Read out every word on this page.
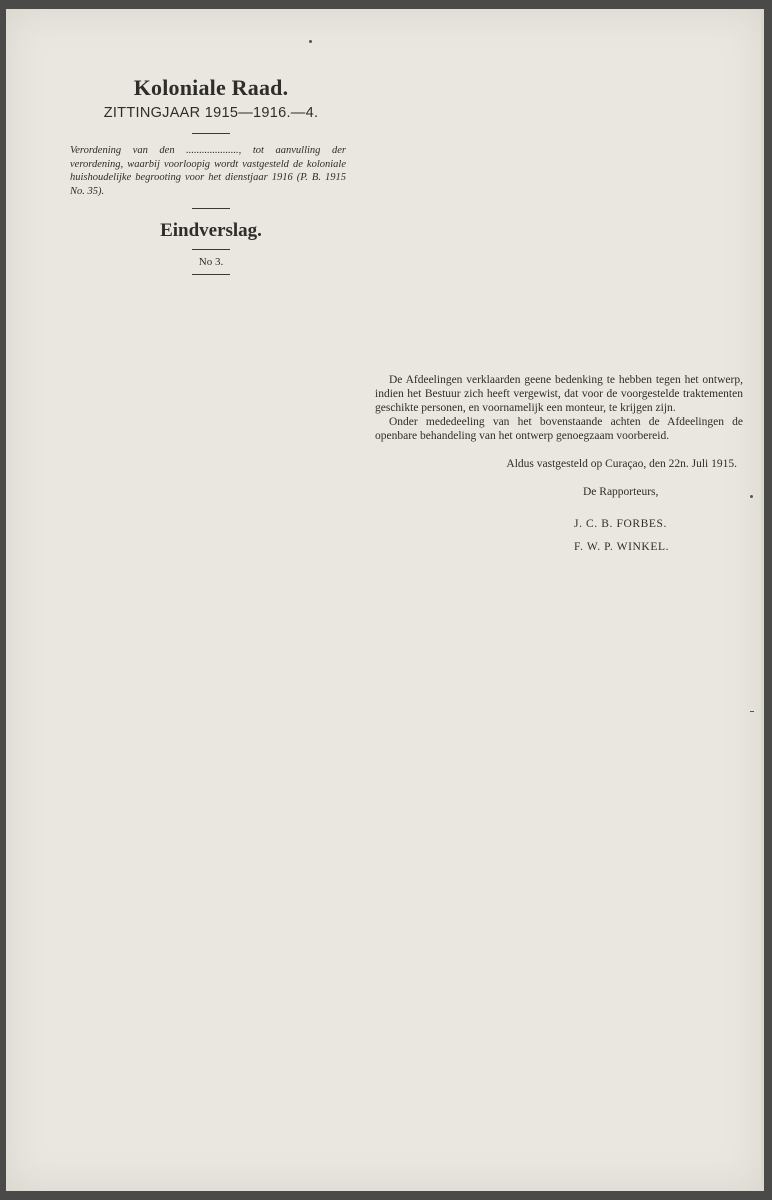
Koloniale Raad.

ZITTINGJAAR 1915—1916.—4.

Verordening van den ...................., tot aanvulling der verordening, waarbij voorloopig wordt vastgesteld de koloniale huishoudelijke begrooting voor het dienstjaar 1916 (P. B. 1915 No. 35).

Eindverslag.

No 3.

De Afdeelingen verklaarden geene bedenking te hebben tegen het ontwerp, indien het Bestuur zich heeft vergewist, dat voor de voorgestelde traktementen geschikte personen, en voornamelijk een monteur, te krijgen zijn.

Onder mededeeling van het bovenstaande achten de Afdeelingen de openbare behandeling van het ontwerp genoegzaam voorbereid.

Aldus vastgesteld op Curaçao, den 22n. Juli 1915.

De Rapporteurs,

J. C. B. FORBES.
F. W. P. WINKEL.
